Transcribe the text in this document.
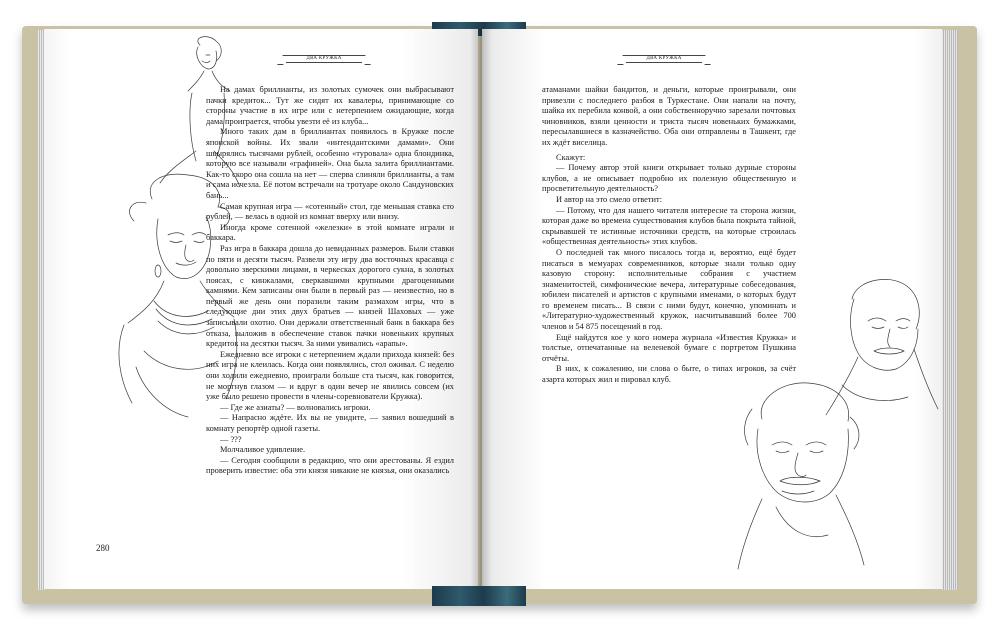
ДВА КРУЖКА

На дамах бриллианты, из золотых сумочек они выбрасывают пачки кредиток... Тут же сидят их кавалеры, принимающие со стороны участие в их игре или с нетерпением ожидающие, когда дама проиграется, чтобы увезти её из клуба...

Много таких дам в бриллиантах появилось в Кружке после японской войны. Их звали «интендантскими дамами». Они швырялись тысячами рублей, особенно «туровала» одна блондинка, которую все называли «графиней». Она была залита бриллиантами. Как-то скоро она сошла на нет — сперва слиняли бриллианты, а там и сама исчезла. Её потом встречали на тротуаре около Сандуновских бань...

Самая крупная игра — «сотенный» стол, где меньшая ставка сто рублей, — велась в одной из комнат вверху или внизу.

Иногда кроме сотенной «железки» в этой комнате играли и баккара.

Раз игра в баккара дошла до невиданных размеров. Были ставки по пяти и десяти тысяч. Развели эту игру два восточных красавца с довольно зверскими лицами, в черкесках дорогого сукна, в золотых поясах, с кинжалами, сверкавшими крупными драгоценными камнями. Кем записаны они были в первый раз — неизвестно, но в первый же день они поразили таким размахом игры, что в следующие дни этих двух братьев — князей Шаховых — уже записывали охотно. Они держали ответственный банк в баккара без отказа, выложив в обеспечение ставок пачки новеньких крупных кредиток на десятки тысяч. За ними увивались «арапы».

Ежедневно все игроки с нетерпением ждали прихода князей: без них игра не клеилась. Когда они появлялись, стол оживал. С неделю они ходили ежедневно, проиграли больше ста тысяч, как говорится, не моргнув глазом — и вдруг в один вечер не явились совсем (их уже было решено провести в члены-соревнователи Кружка).

— Где же азиаты? — волновались игроки.

— Напрасно ждёте. Их вы не увидите, — заявил вошедший в комнату репортёр одной газеты.

— ???

Молчаливое удивление.

— Сегодня сообщили в редакцию, что они арестованы. Я ездил проверить известие: оба эти князя никакие не князья, они оказались

280
ДВА КРУЖКА

атаманами шайки бандитов, и деньги, которые проигрывали, они привезли с последнего разбоя в Туркестане. Они напали на почту, шайка их перебила конвой, а они собственноручно зарезали почтовых чиновников, взяли ценности и триста тысяч новеньких бумажками, пересылавшиеся в казначейство. Оба они отправлены в Ташкент, где их ждёт виселица.

Скажут:

— Почему автор этой книги открывает только дурные стороны клубов, а не описывает подробно их полезную общественную и просветительную деятельность?

И автор на это смело ответит:

— Потому, что для нашего читателя интересне та сторона жизни, которая даже во времена существования клубов была покрыта тайной, скрывавшей те истинные источники средств, на которые строилась «общественная деятельность» этих клубов.

О последней так много писалось тогда и, вероятно, ещё будет писаться в мемуарах современников, которые знали только одну казовую сторону: исполнительные собрания с участием знаменитостей, симфонические вечера, литературные собеседования, юбилеи писателей и артистов с крупными именами, о которых будут го временем писать... В связи с ними будут, конечно, упоминать и «Литературно-художественный кружок, насчитывавший более 700 членов и 54 875 посещений в год.

Ещё найдутся кое у кого номера журнала «Известия Кружка» и толстые, отпечатанные на веленевой бумаге с портретом Пушкина отчёты.

В них, к сожалению, ни слова о быте, о типах игроков, за счёт азарта которых жил и пировал клуб.
